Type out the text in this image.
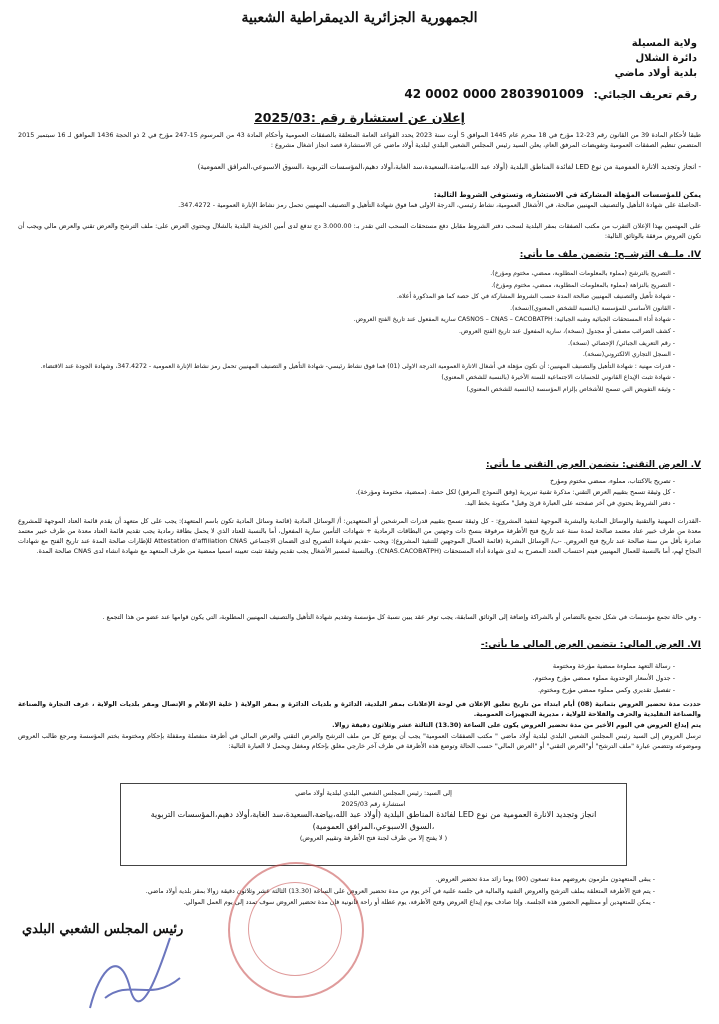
الجمهورية الجزائرية الديمقراطية الشعبية
ولاية المسيلة
دائرة الشلال
بلدية أولاد ماضي
رقم تعريف الجبائي: 42 0002 0000 2803901009
إعلان عن استشارة رقم :2025/03
طبقا لأحكام المادة 39 من القانون رقم 23-12 مؤرخ في 18 محرم عام 1445 الموافق 5 أوت سنة 2023 يحدد القواعد العامة المتعلقة بالصفقات العمومية وأحكام المادة 43 من المرسوم 15-247 مؤرخ في 2 ذو الحجة 1436 الموافق لـ 16 سبتمبر 2015 المتضمن تنظيم الصفقات العمومية وتفويضات المرفق العام، يعلن السيد رئيس المجلس الشعبي البلدي لبلدية أولاد ماضي عن الاستشارة قصد انجاز اشغال مشروع :
- انجاز وتجديد الانارة العمومية من نوع LED لفائدة المناطق البلدية (أولاد عبد الله،بياضة،السعيدة،سد الغابة،أولاد دهيم،المؤسسات التربوية ،السوق الاسبوعي،المرافق العمومية)
يمكن للمؤسسات المؤهلة المشاركة في الاستشارة، وتستوفي الشروط التالية:
-الحاصلة على شهادة التأهيل والتصنيف المهنيين صالحة، في الأشغال العمومية، نشاط رئيسي، الدرجة الاولى فما فوق شهادة التأهيل و التصنيف المهنيين تحمل رمز نشاط الإنارة العمومية - 347.4272.
على المهتمين بهذا الإعلان التقرب من مكتب الصفقات بمقر البلدية لسحب دفتر الشروط مقابل دفع مستحقات السحب التي تقدر بـ: 3.000.00 دج تدفع لدى أمين الخزينة البلدية بالشلال ويحتوي العرض على: ملف الترشح والعرض تقني والعرض مالي ويجب أن تكون العروض مرفقة بالوثائق التالية:
IV. ملــف الترشــح: يتضمن ملف ما يأتي:
- التصريح بالترشح (مملوء بالمعلومات المطلوبة، ممضي، مختوم ومؤرخ).
- التصريح بالنزاهة (مملوء بالمعلومات المطلوبة، ممضي، مختوم ومؤرخ).
- شهادة تأهيل والتصنيف المهنيين صالحة المدة حسب الشروط المشاركة في كل حصة كما هو المذكورة أعلاه.
- القانون الأساسي للمؤسسة (بالنسبة للشخص المعنوي)(نسخة).
- شهادة أداء المستحقات الجبائية وشبه الجبائية: CASNOS – CNAS – CACOBATPH سارية المفعول عند تاريخ الفتح العروض.
- كشف الضرائب مصفى أو مجدول (نسخة)، سارية المفعول عند تاريخ الفتح العروض.
- رقم التعريف الجبائي/ الإحصائي (نسخة).
- السجل التجاري الالكتروني(نسخة).
- قدرات مهنية : شهادة التأهيل والتصنيف المهنيين: أن تكون مؤهلة في أشغال الانارة العمومية الدرجة الاولى (01) فما فوق نشاط رئيسي- شهادة التأهيل و التصنيف المهنيين تحمل رمز نشاط الإنارة العمومية - 347.4272، وشهادة الجودة عند الاقتضاء.
- شهادة تثبت الإيداع القانوني للحسابات الاجتماعية للسنة الأخيرة (بالنسبة للشخص المعنوي)
- وثيقة التفويض التي تسمح للأشخاص بإلزام المؤسسة (بالنسبة للشخص المعنوي)
V. العرض التقني: يتضمن العرض التقني ما يأتي:
- تصريح بالاكتتاب، مملوء، ممضي مختوم ومؤرخ
- كل وثيقة تسمح بتقييم العرض التقني: مذكرة تقنية تبريرية (وفق النموذج المرفق) لكل حصة. (ممضية، مختومة ومؤرخة).
- دفتر الشروط يحتوي في آخر صفحته على العبارة قرئ وقبل" مكتوبة بخط اليد.
-القدرات المهنية والتقنية والوسائل المادية والبشرية الموجهة لتنفيذ المشروع: - كل وثيقة تسمح بتقييم قدرات المرشحين أو المتعهدين: أ/ الوسائل المادية (قائمة وسائل المادية تكون باسم المتعهد): يجب على كل متعهد أن يقدم قائمة العتاد الموجهة للمشروع معدة من طرف خبير عتاد معتمد صالحة لمدة سنة عند تاريخ فتح الأظرفة مرفوقة بنسخ ذات وجهتين من البطاقات الرمادية + شهادات التأمين سارية المفعول، أما بالنسبة للعتاد الذي لا يحمل بطاقة رمادية يجب تقديم قائمة العتاد معدة من طرف خبير معتمد صادرة بأقل من سنة صالحة عند تاريخ فتح العروض. -ب/ الوسائل البشرية (قائمة العمال الموجهين للتنفيذ المشروع): ويجب -تقديم شهادة التصريح لدى الضمان الاجتماعي Attestation d'affiliation CNAS للإطارات صالحة المدة عند تاريخ الفتح مع شهادات النجاح لهم، أما بالنسبة للعمال المهنيين فيتم احتساب العدد المصرح به لدى شهادة أداء المستحقات (CNAS.CACOBATPH). وبالنسبة لمسير الأشغال يجب تقديم وثيقة تثبت تعيينه اسميا ممضية من طرف المتعهد مع شهادة انشاء لدى CNAS صالحة المدة.
- وفي حالة تجمع مؤسسات في شكل تجمع بالتضامن أو بالشراكة وإضافة إلى الوثائق السابقة، يجب توفر عقد يبين نسبة كل مؤسسة وتقديم شهادة التأهيل والتصنيف المهنيين المطلوبة، التي يكون قوامها عند عضو من هذا التجمع .
VI. العرض المالي: يتضمن العرض المالي ما يأتي:-
- رسالة التعهد مملوءة ممضية مؤرخة ومختومة
- جدول الأسعار الوحدوية مملوء ممضي مؤرخ ومختوم.
- تفصيل تقديري وكمي مملوء ممضي مؤرخ ومختوم.
حددت مدة تحضير العروض بثمانية (08) أيام ابتداء من تاريخ تعليق الإعلان في لوحة الإعلانات بمقر البلدية، الدائرة و بلديات الدائرة و بمقر الولاية ( خلية الإعلام و الإتصال ومقر بلديات الولاية ، غرف التجارة والصناعة والصناعة التقليدية والحرف والفلاحة للولاية ، مديرية التجهيزات العمومية.
يتم إيداع العروض في اليوم الأخير من مدة تحضير العروض يكون على الساعة (13.30) الثالثة عشر وثلاثون دقيقة زوالا.
ترسل العروض إلى السيد رئيس المجلس الشعبي البلدي لبلدية أولاد ماضي " مكتب الصفقات العمومية" يجب أن يوضع كل من ملف الترشح والعرض التقني والعرض المالي في أظرفة منفصلة ومقفلة بإحكام ومختومة بختم المؤسسة ومرجع طالب العروض وموضوعه وتتضمن عبارة "ملف الترشح" أو"العرض التقني" أو "العرض المالي" حسب الحالة وتوضع هذه الأظرفة في ظرف آخر خارجي مغلق بإحكام ومغفل ويحمل لا العبارة التالية:
إلى السيد: رئيس المجلس الشعبي البلدي لبلدية أولاد ماضي
استشارة رقم 2025/03
انجاز وتجديد الانارة العمومية من نوع LED لفائدة المناطق البلدية (أولاد عبد الله،بياضة،السعيدة،سد الغابة،أولاد دهيم،المؤسسات التربوية
،السوق الاسبوعي،المرافق العمومية)
( لا يفتح إلا من طرف لجنة فتح الأظرفة وتقييم العروض)
- يبقى المتعهدون ملزمون بعروضهم مدة تسعون (90) يوما زائد مدة تحضير العروض.
- يتم فتح الأظرفة المتعلقة بملف الترشح والعروض التقنية والمالية في جلسة علنية في آخر يوم من مدة تحضير العروض على الساعة (13.30) الثالثة عشر وثلاثون دقيقة زوالا بمقر بلدية أولاد ماضي.
- يمكن للمتعهدين أو ممثليهم الحضور هذه الجلسة. وإذا صادف يوم إيداع العروض وفتح الأظرفة، يوم عطلة أو راحة قانونية فإن مدة تحضير العروض سوف تمدد إلى يوم العمل الموالي.
رئيس المجلس الشعبي البلدي
